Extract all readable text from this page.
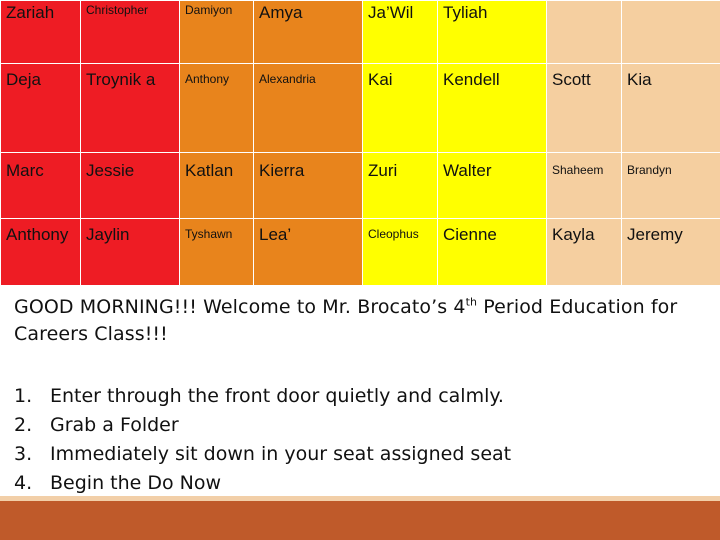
Zariah	Christopher	Damiyon	Amya	Ja’Wil	Tyliah		
Deja	Troynik a	Anthony	Alexandria	Kai	Kendell	Scott	Kia
Marc	Jessie	Katlan	Kierra	Zuri	Walter	Shaheem	Brandyn
Anthony	Jaylin	Tyshawn	Lea’	Cleophus	Cienne	Kayla	Jeremy
GOOD MORNING!!! Welcome to Mr. Brocato’s 4th Period Education for
Careers Class!!!
1. Enter through the front door quietly and calmly.
2. Grab a Folder
3. Immediately sit down in your seat assigned seat
4. Begin the Do Now
